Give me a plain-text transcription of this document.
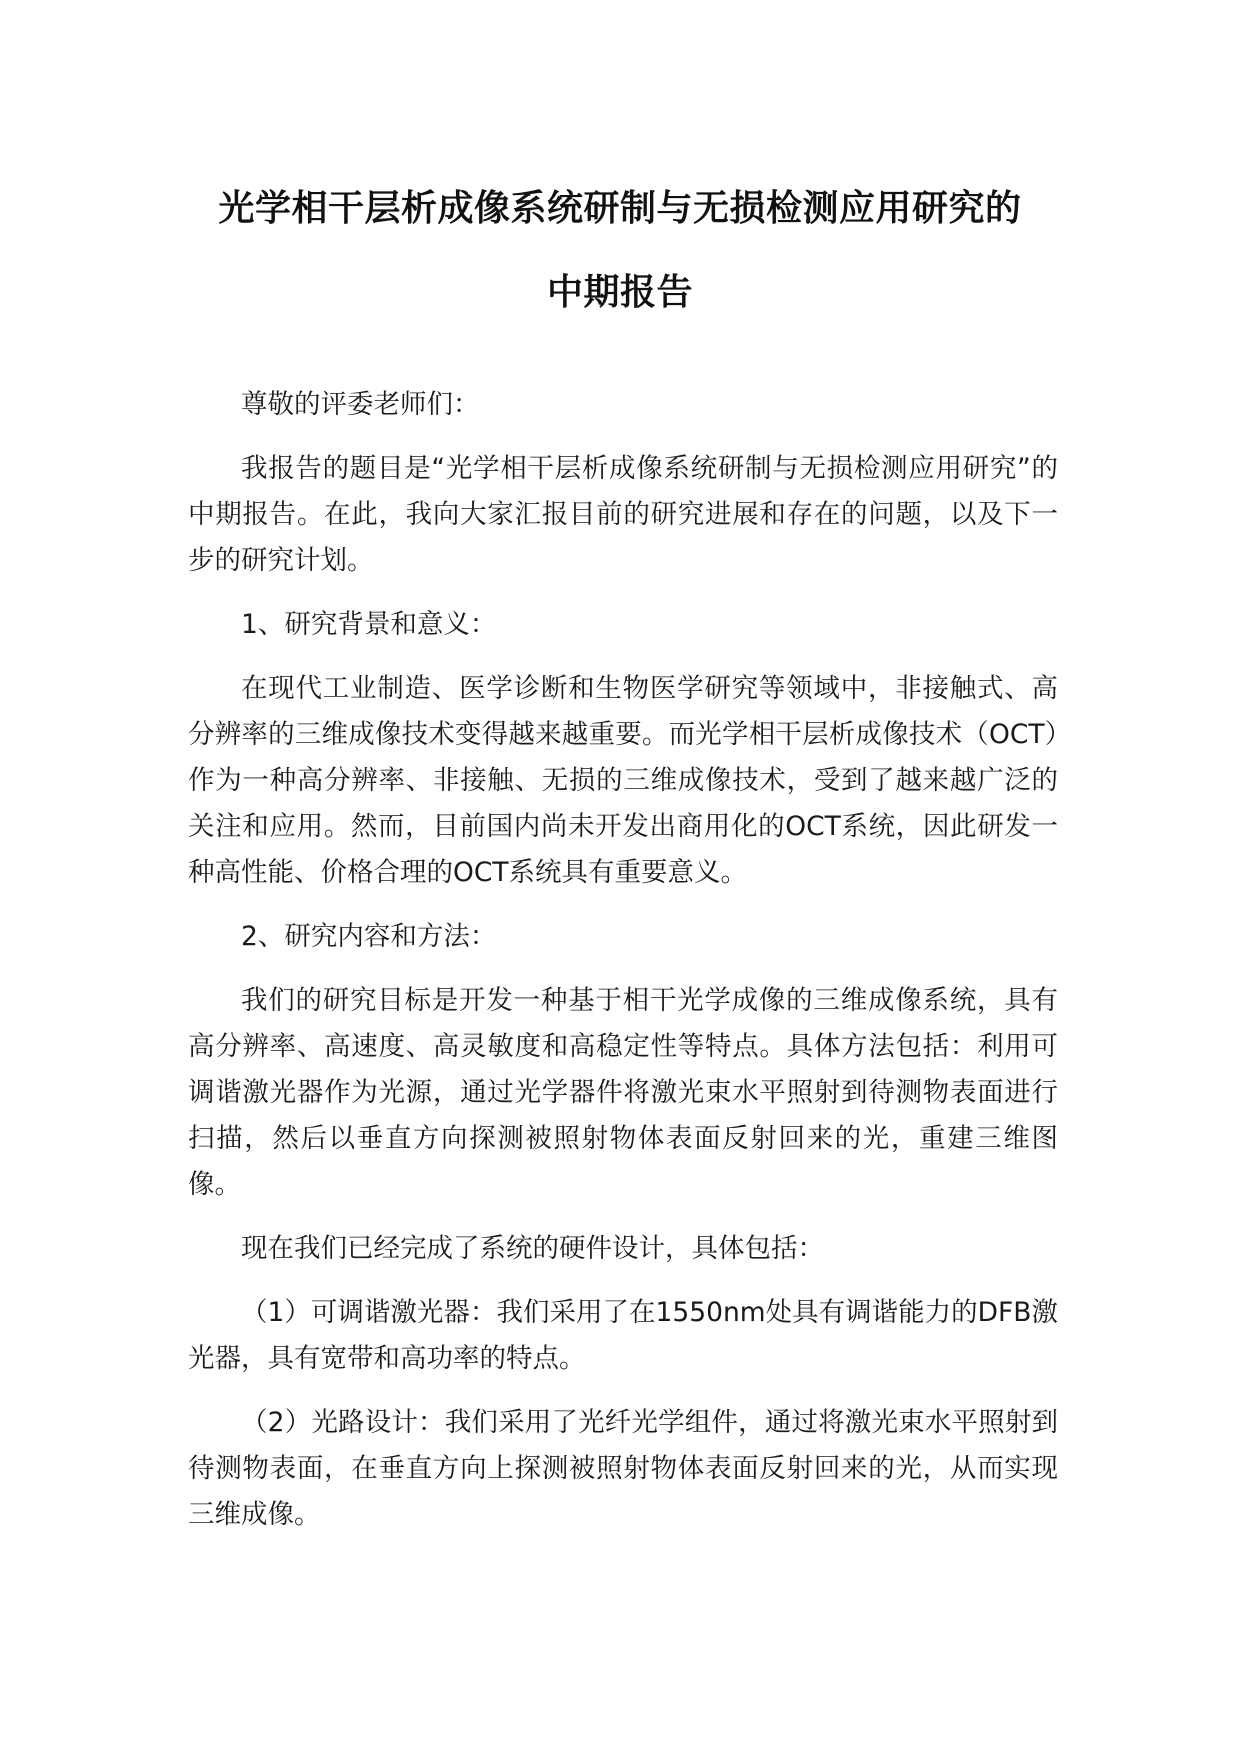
光学相干层析成像系统研制与无损检测应用研究的
中期报告

尊敬的评委老师们：

我报告的题目是“光学相干层析成像系统研制与无损检测应用研究”的中期报告。在此，我向大家汇报目前的研究进展和存在的问题，以及下一步的研究计划。

1、研究背景和意义：

在现代工业制造、医学诊断和生物医学研究等领域中，非接触式、高分辨率的三维成像技术变得越来越重要。而光学相干层析成像技术（OCT）作为一种高分辨率、非接触、无损的三维成像技术，受到了越来越广泛的关注和应用。然而，目前国内尚未开发出商用化的OCT系统，因此研发一种高性能、价格合理的OCT系统具有重要意义。

2、研究内容和方法：

我们的研究目标是开发一种基于相干光学成像的三维成像系统，具有高分辨率、高速度、高灵敏度和高稳定性等特点。具体方法包括：利用可调谐激光器作为光源，通过光学器件将激光束水平照射到待测物表面进行扫描，然后以垂直方向探测被照射物体表面反射回来的光，重建三维图像。

现在我们已经完成了系统的硬件设计，具体包括：

（1）可调谐激光器：我们采用了在1550nm处具有调谐能力的DFB激光器，具有宽带和高功率的特点。

（2）光路设计：我们采用了光纤光学组件，通过将激光束水平照射到待测物表面，在垂直方向上探测被照射物体表面反射回来的光，从而实现三维成像。
